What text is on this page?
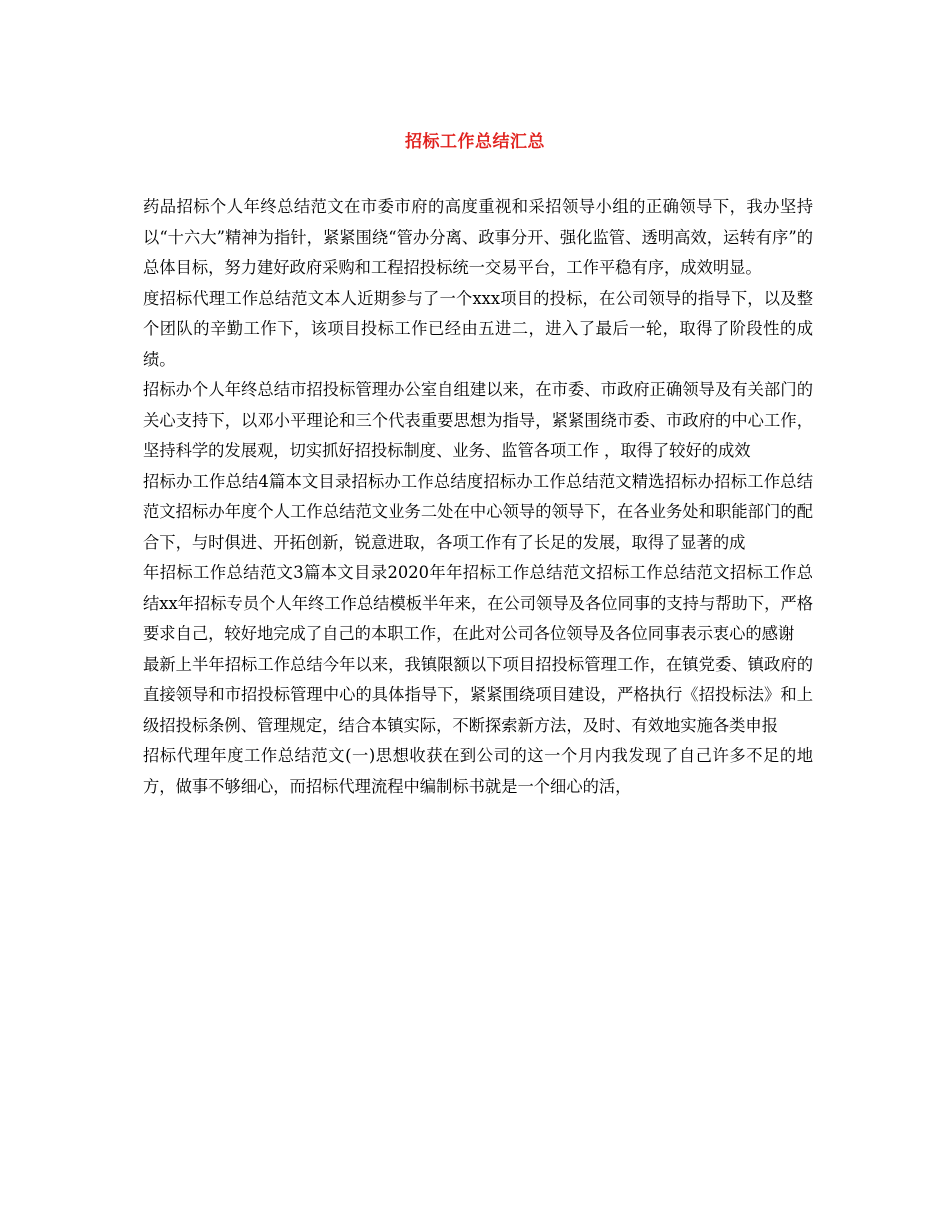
招标工作总结汇总

药品招标个人年终总结范文在市委市府的高度重视和采招领导小组的正确领导下，我办坚持以“十六大”精神为指针，紧紧围绕“管办分离、政事分开、强化监管、透明高效，运转有序”的总体目标，努力建好政府采购和工程招投标统一交易平台，工作平稳有序，成效明显。

度招标代理工作总结范文本人近期参与了一个xxx项目的投标，在公司领导的指导下，以及整个团队的辛勤工作下，该项目投标工作已经由五进二，进入了最后一轮，取得了阶段性的成绩。

招标办个人年终总结市招投标管理办公室自组建以来，在市委、市政府正确领导及有关部门的关心支持下，以邓小平理论和三个代表重要思想为指导，紧紧围绕市委、市政府的中心工作，坚持科学的发展观，切实抓好招投标制度、业务、监管各项工作 ，取得了较好的成效

招标办工作总结4篇本文目录招标办工作总结度招标办工作总结范文精选招标办招标工作总结范文招标办年度个人工作总结范文业务二处在中心领导的领导下，在各业务处和职能部门的配合下，与时俱进、开拓创新，锐意进取，各项工作有了长足的发展，取得了显著的成

年招标工作总结范文3篇本文目录2020年年招标工作总结范文招标工作总结范文招标工作总结xx年招标专员个人年终工作总结模板半年来，在公司领导及各位同事的支持与帮助下，严格要求自己，较好地完成了自己的本职工作，在此对公司各位领导及各位同事表示衷心的感谢

最新上半年招标工作总结今年以来，我镇限额以下项目招投标管理工作，在镇党委、镇政府的直接领导和市招投标管理中心的具体指导下，紧紧围绕项目建设，严格执行《招投标法》和上级招投标条例、管理规定，结合本镇实际，不断探索新方法，及时、有效地实施各类申报

招标代理年度工作总结范文(一)思想收获在到公司的这一个月内我发现了自己许多不足的地方，做事不够细心，而招标代理流程中编制标书就是一个细心的活，
